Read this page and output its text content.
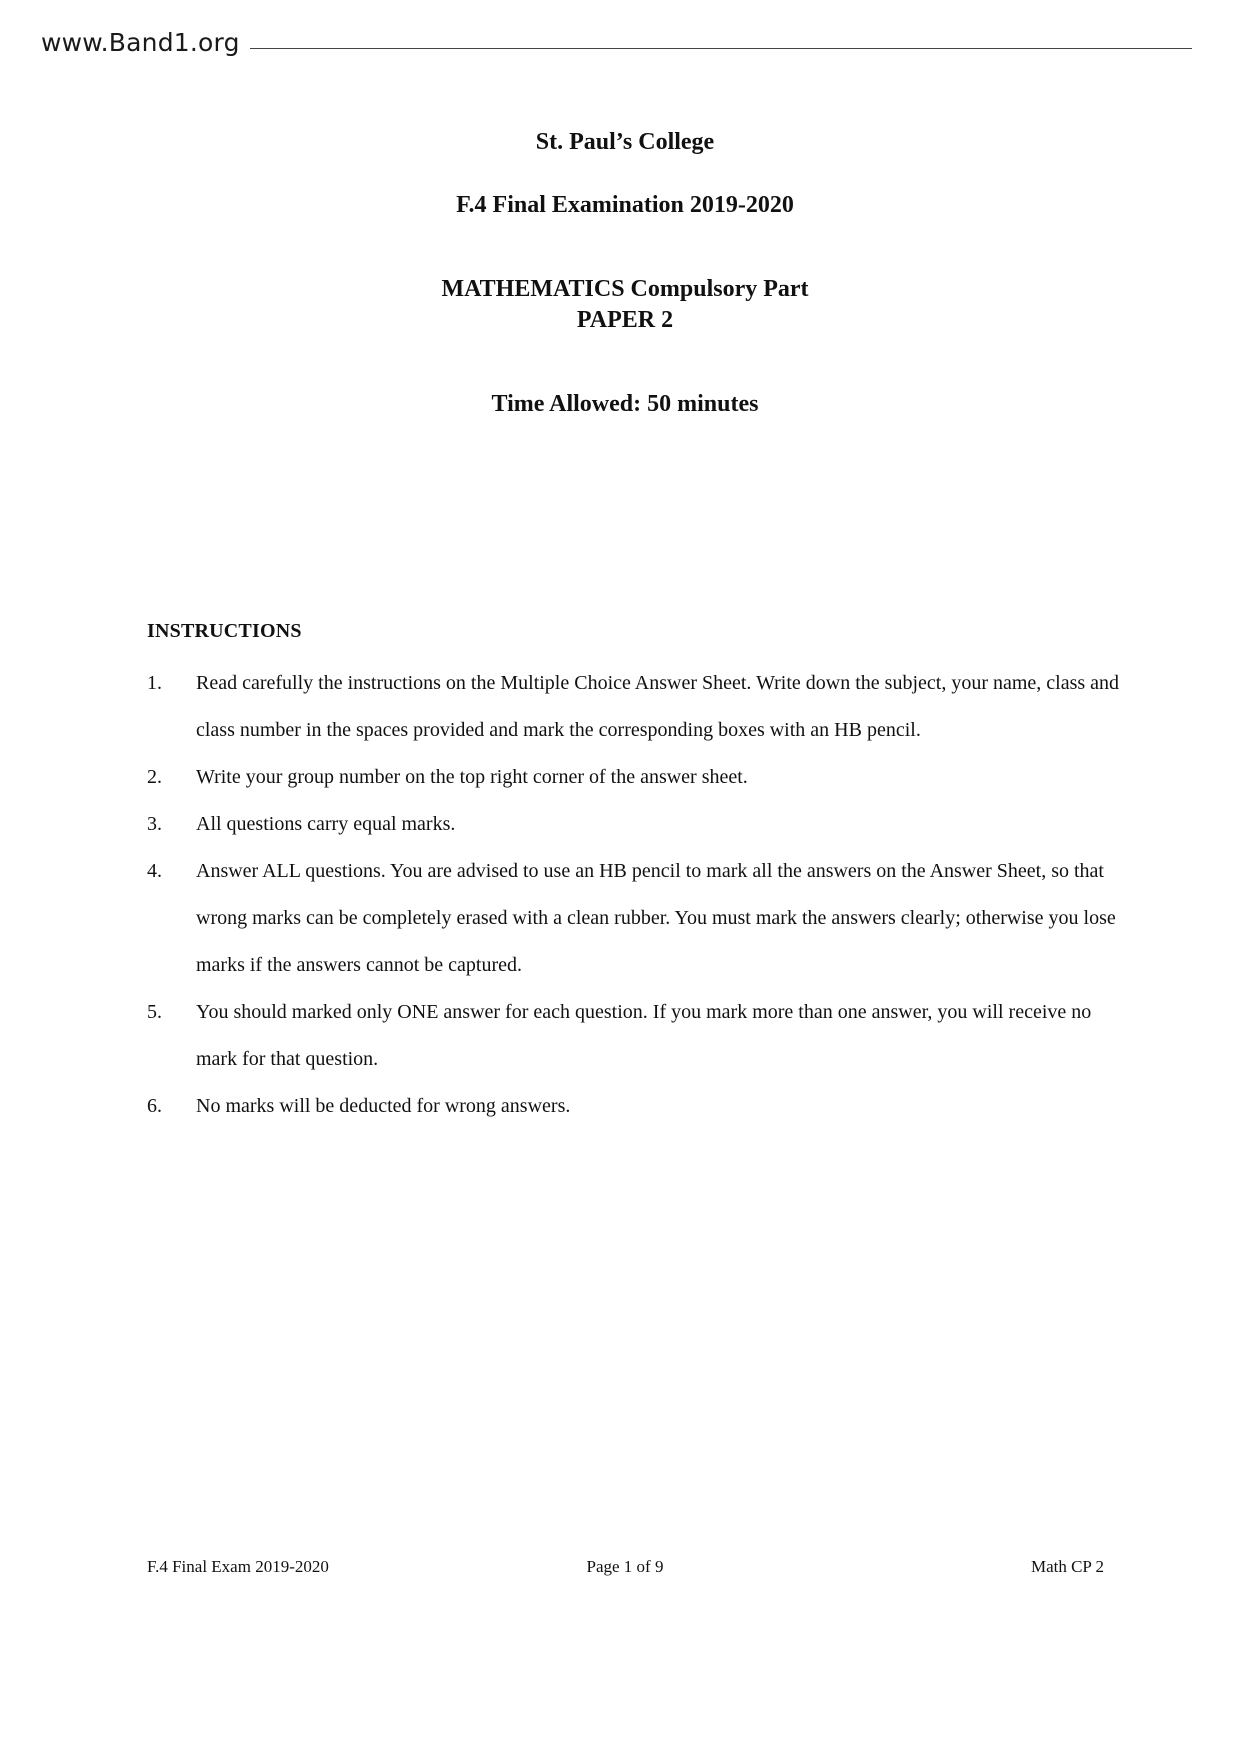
www.Band1.org
St. Paul’s College
F.4 Final Examination 2019-2020
MATHEMATICS Compulsory Part
PAPER 2
Time Allowed: 50 minutes
INSTRUCTIONS
1. Read carefully the instructions on the Multiple Choice Answer Sheet. Write down the subject, your name, class and class number in the spaces provided and mark the corresponding boxes with an HB pencil.
2. Write your group number on the top right corner of the answer sheet.
3. All questions carry equal marks.
4. Answer ALL questions. You are advised to use an HB pencil to mark all the answers on the Answer Sheet, so that wrong marks can be completely erased with a clean rubber. You must mark the answers clearly; otherwise you lose marks if the answers cannot be captured.
5. You should marked only ONE answer for each question. If you mark more than one answer, you will receive no mark for that question.
6. No marks will be deducted for wrong answers.
F.4 Final Exam 2019-2020	Page 1 of 9	Math CP 2
